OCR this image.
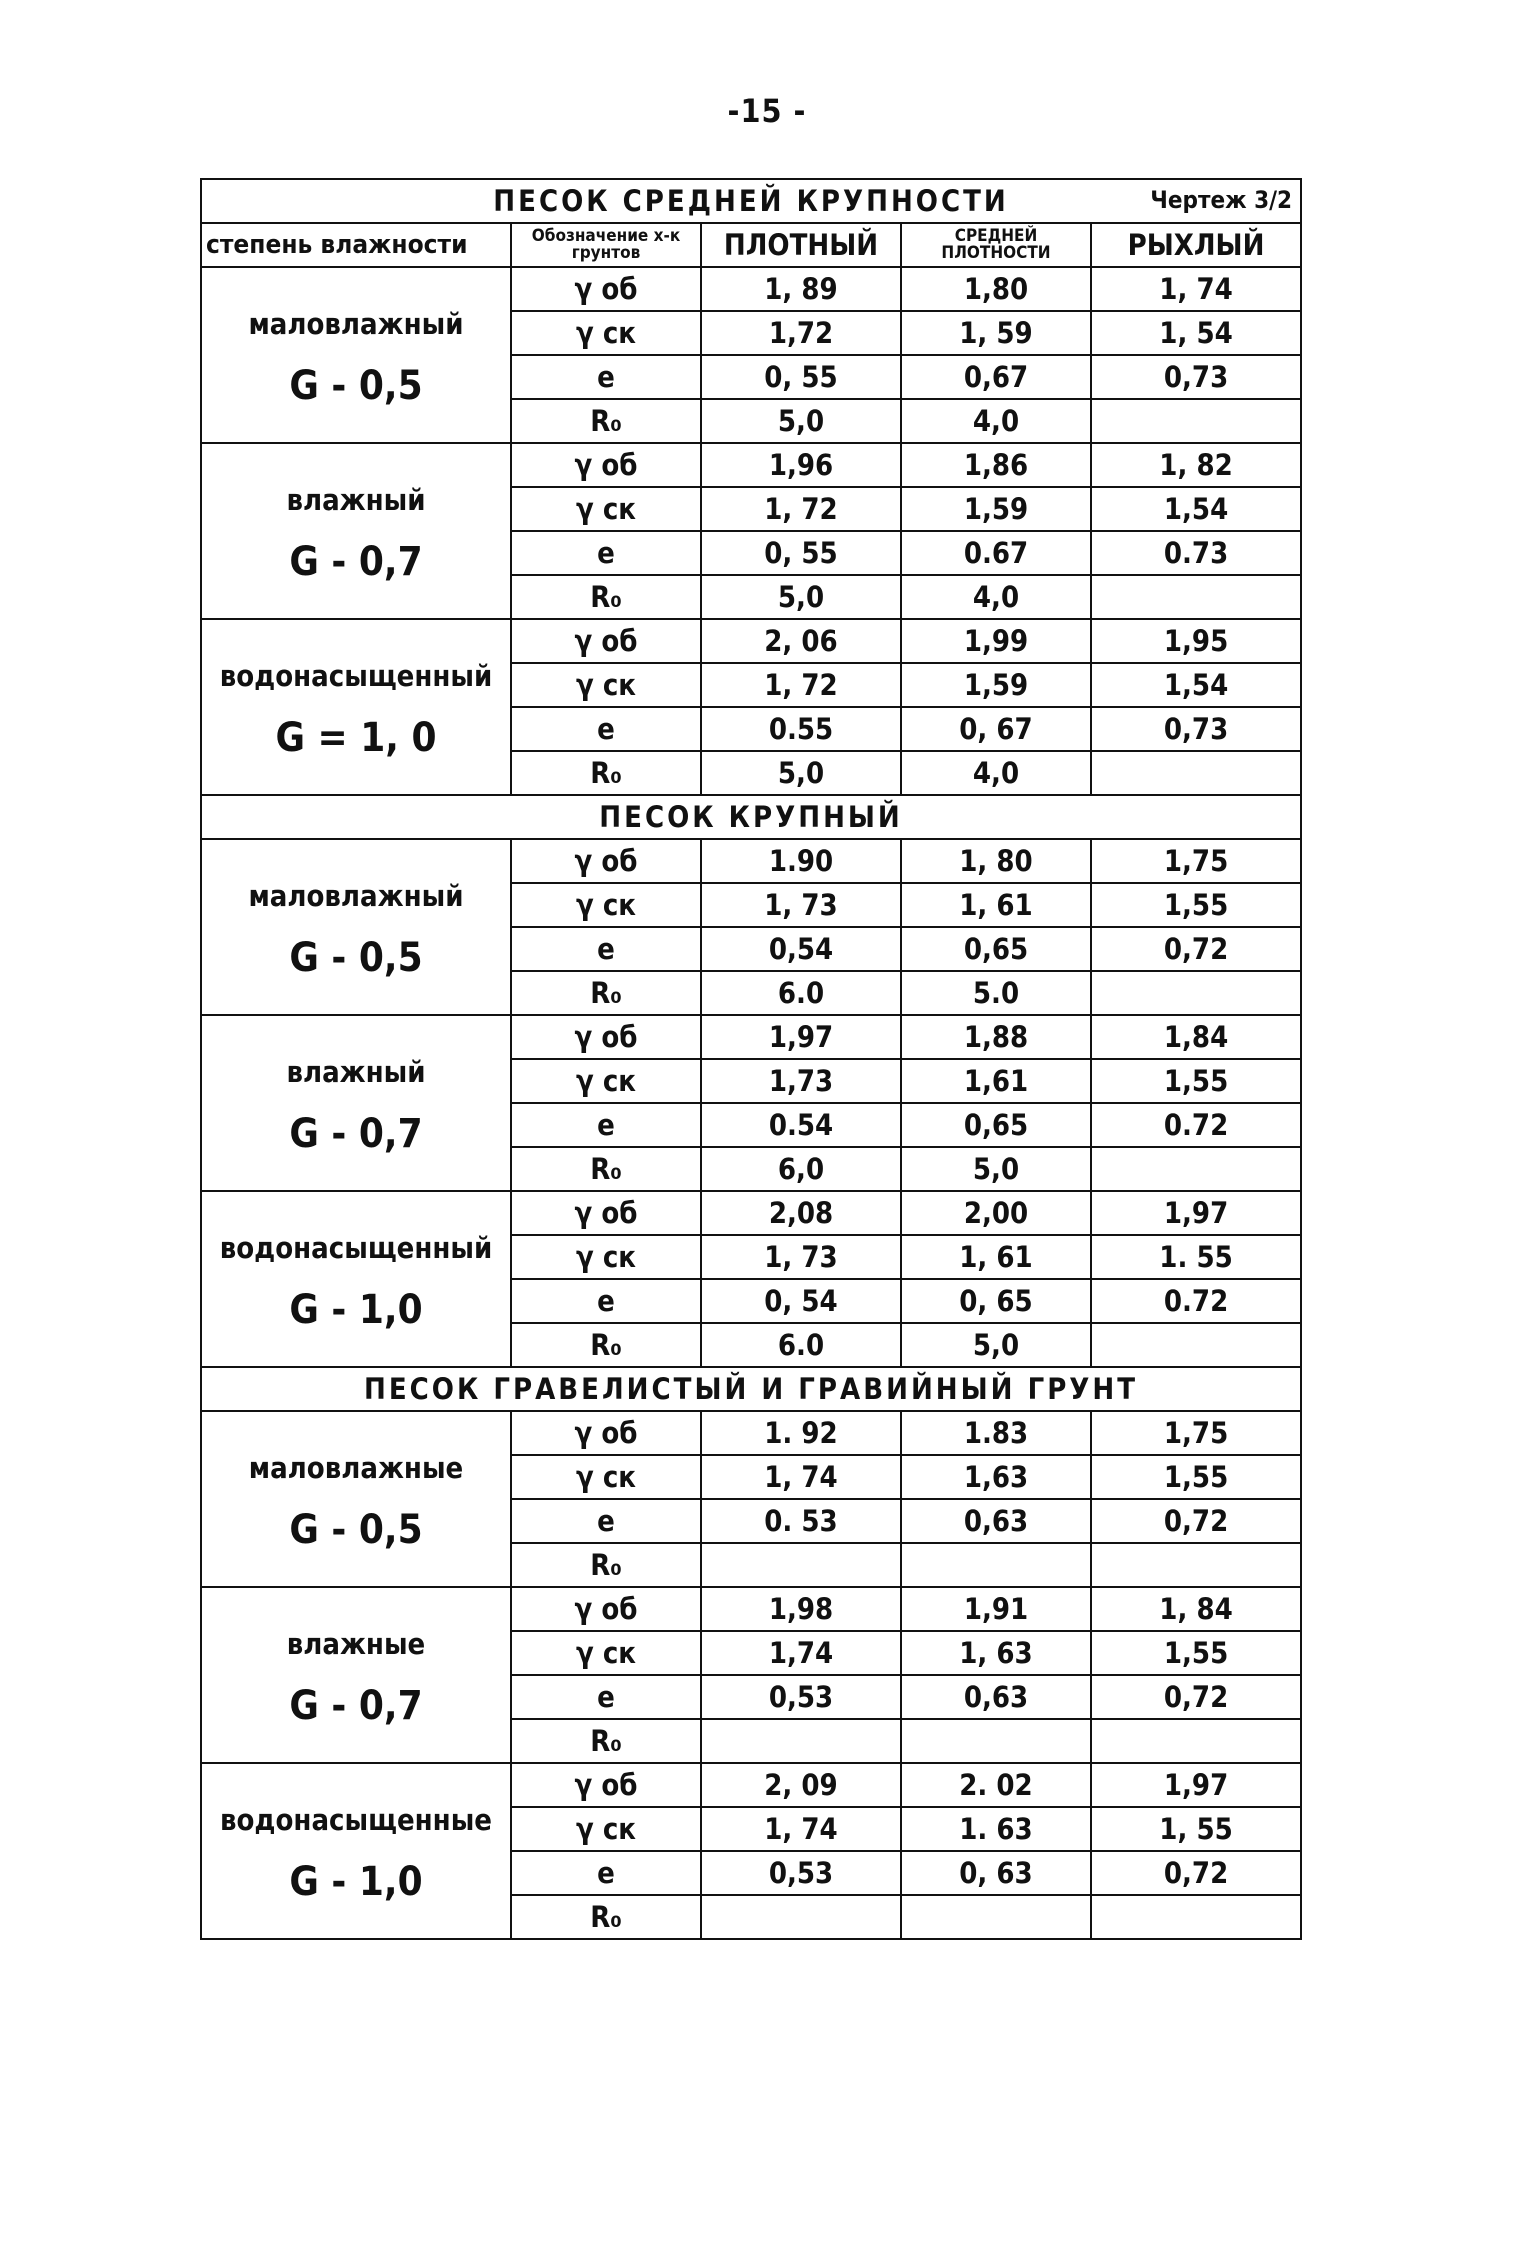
-15 -
ПЕСОК СРЕДНЕЙ КРУПНОСТИ Чертеж 3/2				

степень влажности	Обозначение х-к грунтов	ПЛОТНЫЙ	СРЕДНЕЙ ПЛОТНОСТИ	РЫХЛЫЙ
маловлажный
G - 0,5	γ об	1, 89	1,80	1, 74
	γ ск	1,72	1, 59	1, 54
	e	0, 55	0,67	0,73
	R₀	5,0	4,0	
влажный
G - 0,7	γ об	1,96	1,86	1, 82
	γ ск	1, 72	1,59	1,54
	e	0, 55	0.67	0.73
	R₀	5,0	4,0	
водонасыщенный
G = 1, 0	γ об	2, 06	1,99	1,95
	γ ск	1, 72	1,59	1,54
	e	0.55	0, 67	0,73
	R₀	5,0	4,0	
ПЕСОК КРУПНЫЙ				
маловлажный
G - 0,5	γ об	1.90	1, 80	1,75
	γ ск	1, 73	1, 61	1,55
	e	0,54	0,65	0,72
	R₀	6.0	5.0	
влажный
G - 0,7	γ об	1,97	1,88	1,84
	γ ск	1,73	1,61	1,55
	e	0.54	0,65	0.72
	R₀	6,0	5,0	
водонасыщенный
G - 1,0	γ об	2,08	2,00	1,97
	γ ск	1, 73	1, 61	1. 55
	e	0, 54	0, 65	0.72
	R₀	6.0	5,0	
ПЕСОК ГРАВЕЛИСТЫЙ И ГРАВИЙНЫЙ ГРУНТ				
маловлажные
G - 0,5	γ об	1. 92	1.83	1,75
	γ ск	1, 74	1,63	1,55
	e	0. 53	0,63	0,72
	R₀			
влажные
G - 0,7	γ об	1,98	1,91	1, 84
	γ ск	1,74	1, 63	1,55
	e	0,53	0,63	0,72
	R₀			
водонасыщенные
G - 1,0	γ об	2, 09	2. 02	1,97
	γ ск	1, 74	1. 63	1, 55
	e	0,53	0, 63	0,72
	R₀			
